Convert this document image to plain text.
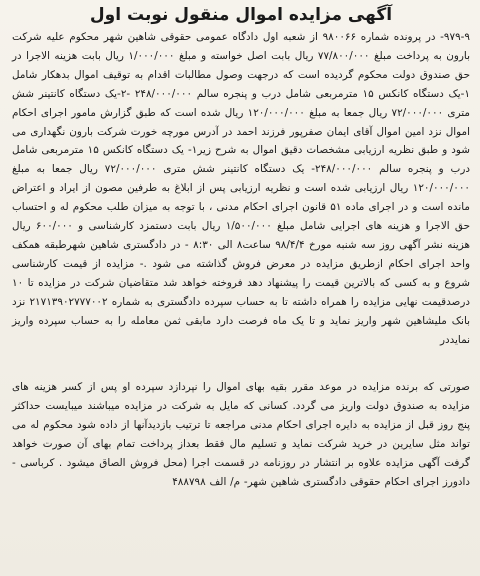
آگهی مزایده اموال منقول نوبت اول

۹۷۹-۹- در پرونده شماره ۹۸۰۰۶۶ از شعبه اول دادگاه عمومی حقوقی شاهین شهر محکوم علیه شرکت بارون به پرداخت مبلغ ۷۷/۸۰۰/۰۰۰ ریال بابت اصل خواسته و مبلغ ۱/۰۰۰/۰۰۰ ریال بابت هزینه الاجرا در حق صندوق دولت محکوم گردیده است که درجهت وصول مطالبات اقدام به توقیف اموال بدهکار شامل ۱-یک دستگاه کانکس ۱۵ مترمربعی شامل درب و پنجره سالم ۲۴۸/۰۰۰/۰۰۰ -۲-یک دستگاه کانتینر شش متری ۷۲/۰۰۰/۰۰۰ ریال جمعا به مبلغ ۱۲۰/۰۰۰/۰۰۰ ریال شده است که طبق گزارش مامور اجرای احکام اموال نزد امین اموال آقای ایمان صفرپور فرزند احمد در آدرس مورچه خورت شرکت بارون نگهداری می شود و طبق نظریه ارزیابی مشخصات دقیق اموال به شرح زیر۱- یک دستگاه کانکس ۱۵ مترمربعی شامل درب و پنجره سالم ۲۴۸/۰۰۰/۰۰۰- یک دستگاه کانتینر شش متری ۷۲/۰۰۰/۰۰۰ ریال جمعا به مبلغ ۱۲۰/۰۰۰/۰۰۰ ریال ارزیابی شده است و نظریه ارزیابی پس از ابلاغ به طرفین مصون از ایراد و اعتراض مانده است و در اجرای ماده ۵۱ قانون اجرای احکام مدنی ، با توجه به میزان طلب محکوم له و احتساب حق الاجرا و هزینه های اجرایی شامل مبلغ ۱/۵۰۰/۰۰۰ ریال بابت دستمزد کارشناسی و ۶۰۰/۰۰۰ ریال هزینه نشر آگهی روز سه شنبه مورخ ۹۸/۴/۴ ساعت۸ الی ۸:۳۰ - در دادگستری شاهین شهرطبقه همکف واحد اجرای احکام ازطریق مزایده در معرض فروش گذاشته می شود .- مزایده از قیمت کارشناسی شروع و به کسی که بالاترین قیمت را پیشنهاد دهد فروخته خواهد شد متقاضیان شرکت در مزایده تا ۱۰ درصدقیمت نهایی مزایده را همراه داشته تا به حساب سپرده دادگستری به شماره ۲۱۷۱۳۹۰۲۷۷۷۰۰۲ نزد بانک ملیشاهین شهر واریز نماید و تا یک ماه فرصت دارد مابقی ثمن معامله را به حساب سپرده واریز نمایددر

صورتی که برنده مزایده در موعد مقرر بقیه بهای اموال را نپردازد سپرده او پس از کسر هزینه های مزایده به صندوق دولت واریز می گردد. کسانی که مایل به شرکت در مزایده میباشند میبایست حداکثر پنج روز قبل از مزایده به دایره اجرای احکام مدنی مراجعه تا ترتیب بازدیدآنها از داده شود محکوم له می تواند مثل سایرین در خرید شرکت نماید و تسلیم مال فقط بعداز پرداخت تمام بهای آن صورت خواهد گرفت آگهی مزایده علاوه بر انتشار در روزنامه در قسمت اجرا (محل فروش الصاق میشود . کرباسی - دادورز اجرای احکام حقوقی دادگستری شاهین شهر- م/ الف ۴۸۸۷۹۸
